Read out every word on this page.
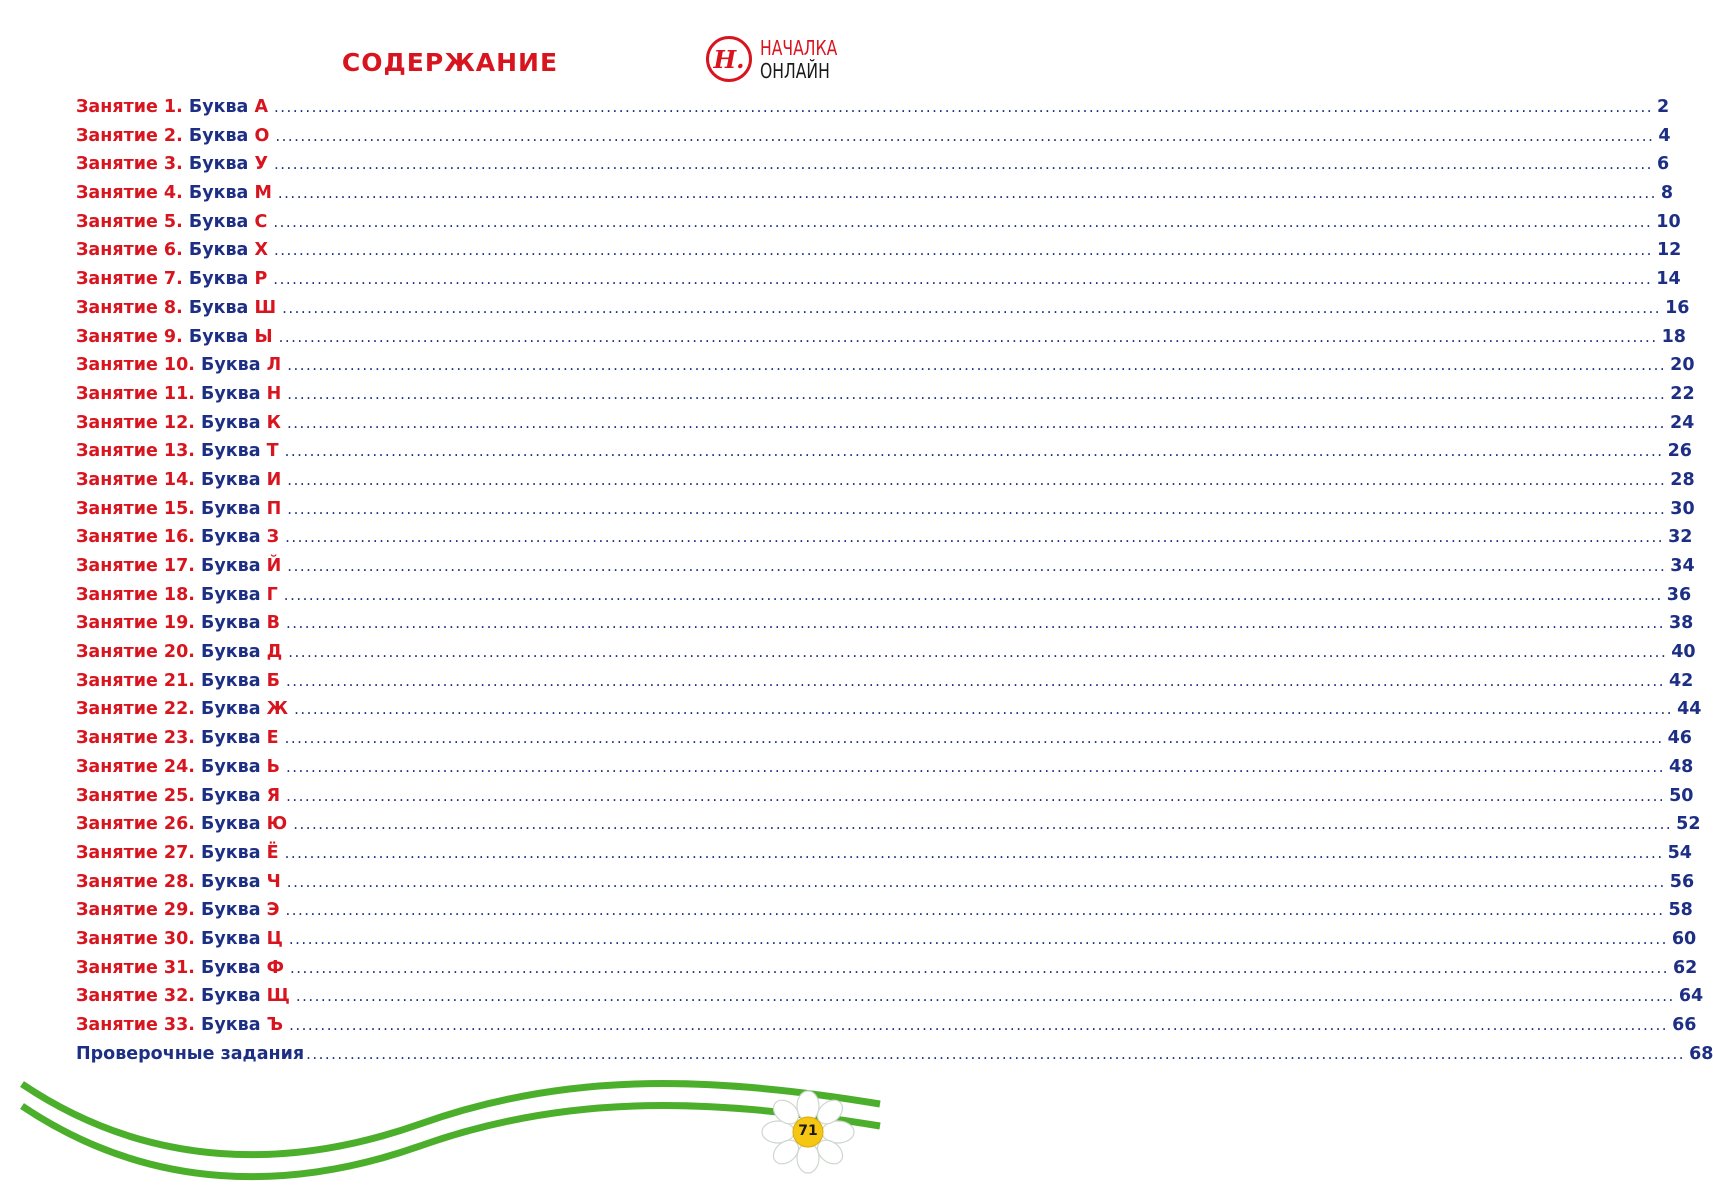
СОДЕРЖАНИЕ	Н. НАЧАЛКА
ОНЛАЙН
Занятие 1.
Буква
А ............................................................................................................................................................................................................................ 2
Занятие 2.
Буква
О ............................................................................................................................................................................................................................ 4
Занятие 3.
Буква
У ............................................................................................................................................................................................................................ 6
Занятие 4.
Буква
М ............................................................................................................................................................................................................................ 8
Занятие 5.
Буква
С ............................................................................................................................................................................................................................ 10
Занятие 6.
Буква
Х ............................................................................................................................................................................................................................ 12
Занятие 7.
Буква
Р ............................................................................................................................................................................................................................ 14
Занятие 8.
Буква
Ш ............................................................................................................................................................................................................................ 16
Занятие 9.
Буква
Ы ............................................................................................................................................................................................................................ 18
Занятие 10.
Буква
Л ............................................................................................................................................................................................................................ 20
Занятие 11.
Буква
Н ............................................................................................................................................................................................................................ 22
Занятие 12.
Буква
К ............................................................................................................................................................................................................................ 24
Занятие 13.
Буква
Т ............................................................................................................................................................................................................................ 26
Занятие 14.
Буква
И ............................................................................................................................................................................................................................ 28
Занятие 15.
Буква
П ............................................................................................................................................................................................................................ 30
Занятие 16.
Буква
З ............................................................................................................................................................................................................................ 32
Занятие 17.
Буква
Й ............................................................................................................................................................................................................................ 34
Занятие 18.
Буква
Г ............................................................................................................................................................................................................................ 36
Занятие 19.
Буква
В ............................................................................................................................................................................................................................ 38
Занятие 20.
Буква
Д ............................................................................................................................................................................................................................ 40
Занятие 21.
Буква
Б ............................................................................................................................................................................................................................ 42
Занятие 22.
Буква
Ж ............................................................................................................................................................................................................................ 44
Занятие 23.
Буква
Е ............................................................................................................................................................................................................................ 46
Занятие 24.
Буква
Ь ............................................................................................................................................................................................................................ 48
Занятие 25.
Буква
Я ............................................................................................................................................................................................................................ 50
Занятие 26.
Буква
Ю ............................................................................................................................................................................................................................ 52
Занятие 27.
Буква
Ё ............................................................................................................................................................................................................................ 54
Занятие 28.
Буква
Ч ............................................................................................................................................................................................................................ 56
Занятие 29.
Буква
Э ............................................................................................................................................................................................................................ 58
Занятие 30.
Буква
Ц ............................................................................................................................................................................................................................ 60
Занятие 31.
Буква
Ф ............................................................................................................................................................................................................................ 62
Занятие 32.
Буква
Щ ............................................................................................................................................................................................................................ 64
Занятие 33.
Буква
Ъ ............................................................................................................................................................................................................................ 66
Проверочные задания ............................................................................................................................................................................................................................ 68
71
